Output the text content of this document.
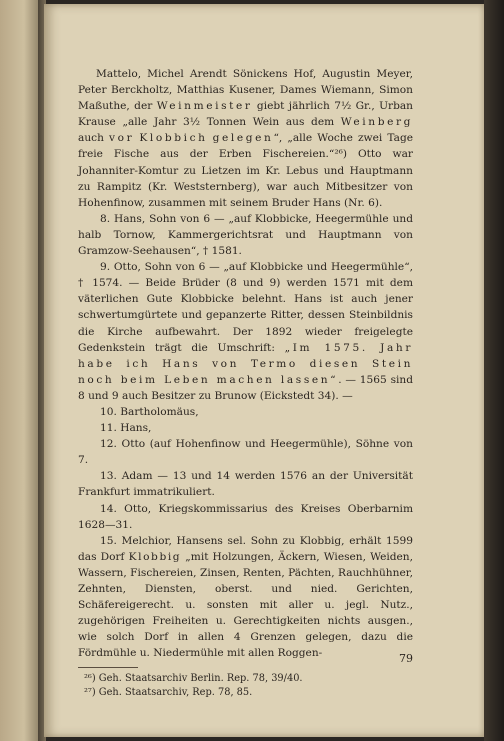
Mattelo, Michel Arendt Sönickens Hof, Augustin Meyer, Peter Berckholtz, Matthias Kusener, Dames Wiemann, Simon Maßuthe, der Weinmeister giebt jährlich 7½ Gr., Urban Krause „alle Jahr 3½ Tonnen Wein aus dem Weinberg auch vor Klobbich gelegen“, „alle Woche zwei Tage freie Fische aus der Erben Fischereien.“²⁶) Otto war Johanniter-Komtur zu Lietzen im Kr. Lebus und Hauptmann zu Rampitz (Kr. Weststernberg), war auch Mitbesitzer von Hohenfinow, zusammen mit seinem Bruder Hans (Nr. 6).

8. Hans, Sohn von 6 — „auf Klobbicke, Heegermühle und halb Tornow, Kammergerichtsrat und Hauptmann von Gramzow-Seehausen“, † 1581.

9. Otto, Sohn von 6 — „auf Klobbicke und Heegermühle“, † 1574. — Beide Brüder (8 und 9) werden 1571 mit dem väterlichen Gute Klobbicke belehnt. Hans ist auch jener schwertumgürtete und gepanzerte Ritter, dessen Steinbildnis die Kirche aufbewahrt. Der 1892 wieder freigelegte Gedenkstein trägt die Umschrift: „Im 1575. Jahr habe ich Hans von Termo diesen Stein noch beim Leben machen lassen“. — 1565 sind 8 und 9 auch Besitzer zu Brunow (Eickstedt 34). —

10. Bartholomäus,

11. Hans,

12. Otto (auf Hohenfinow und Heegermühle), Söhne von 7.

13. Adam — 13 und 14 werden 1576 an der Universität Frankfurt immatrikuliert.

14. Otto, Kriegskommissarius des Kreises Oberbarnim 1628—31.

15. Melchior, Hansens sel. Sohn zu Klobbig, erhält 1599 das Dorf Klobbig „mit Holzungen, Äckern, Wiesen, Weiden, Wassern, Fischereien, Zinsen, Renten, Pächten, Rauchhühner, Zehnten, Diensten, oberst. und nied. Gerichten, Schäfereigerecht. u. sonsten mit aller u. jegl. Nutz., zugehörigen Freiheiten u. Gerechtigkeiten nichts ausgen., wie solch Dorf in allen 4 Grenzen gelegen, dazu die Fördmühle u. Niedermühle mit allen Roggen-

²⁶) Geh. Staatsarchiv Berlin. Rep. 78, 39/40.

²⁷) Geh. Staatsarchiv, Rep. 78, 85.

79
